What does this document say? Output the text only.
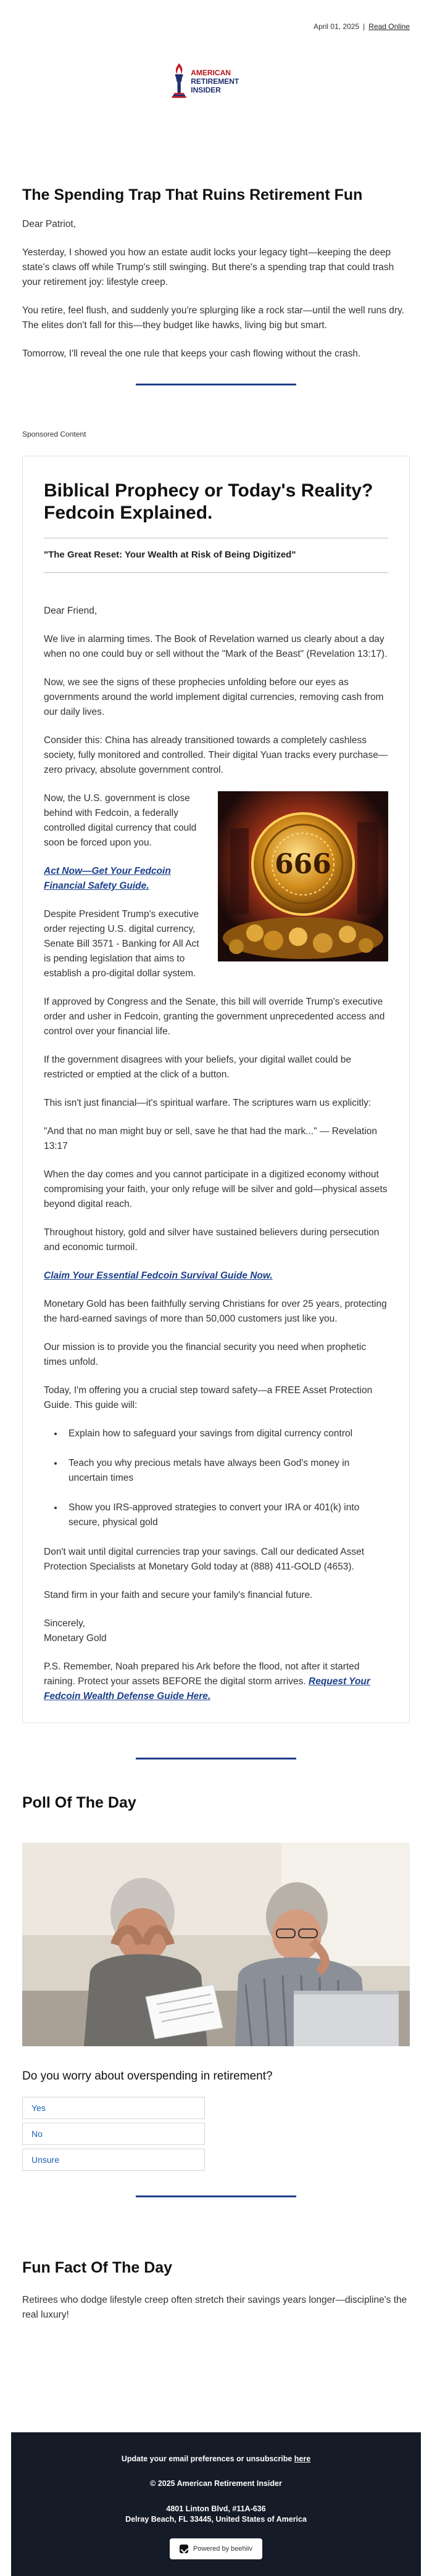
April 01, 2025 | Read Online
AMERICAN
RETIREMENT INSIDER
The Spending Trap That Ruins Retirement Fun

Dear Patriot,

Yesterday, I showed you how an estate audit locks your legacy tight—keeping the deep state's claws off while Trump's still swinging. But there's a spending trap that could trash your retirement joy: lifestyle creep.

You retire, feel flush, and suddenly you're splurging like a rock star—until the well runs dry. The elites don't fall for this—they budget like hawks, living big but smart.

Tomorrow, I'll reveal the one rule that keeps your cash flowing without the crash.

Sponsored Content
Biblical Prophecy or Today's Reality? Fedcoin Explained.
"The Great Reset: Your Wealth at Risk of Being Digitized"

Dear Friend,

We live in alarming times. The Book of Revelation warned us clearly about a day when no one could buy or sell without the "Mark of the Beast" (Revelation 13:17).

Now, we see the signs of these prophecies unfolding before our eyes as governments around the world implement digital currencies, removing cash from our daily lives.

Consider this: China has already transitioned towards a completely cashless society, fully monitored and controlled. Their digital Yuan tracks every purchase—zero privacy, absolute government control.

666

Now, the U.S. government is close behind with Fedcoin, a federally controlled digital currency that could soon be forced upon you.

Act Now—Get Your Fedcoin Financial Safety Guide.

Despite President Trump's executive order rejecting U.S. digital currency, Senate Bill 3571 - Banking for All Act is pending legislation that aims to establish a pro-digital dollar system.

If approved by Congress and the Senate, this bill will override Trump's executive order and usher in Fedcoin, granting the government unprecedented access and control over your financial life.

If the government disagrees with your beliefs, your digital wallet could be restricted or emptied at the click of a button.

This isn't just financial—it's spiritual warfare. The scriptures warn us explicitly:

"And that no man might buy or sell, save he that had the mark..." — Revelation 13:17

When the day comes and you cannot participate in a digitized economy without compromising your faith, your only refuge will be silver and gold—physical assets beyond digital reach.

Throughout history, gold and silver have sustained believers during persecution and economic turmoil.

Claim Your Essential Fedcoin Survival Guide Now.

Monetary Gold has been faithfully serving Christians for over 25 years, protecting the hard-earned savings of more than 50,000 customers just like you.

Our mission is to provide you the financial security you need when prophetic times unfold.

Today, I'm offering you a crucial step toward safety—a FREE Asset Protection Guide. This guide will:

• Explain how to safeguard your savings from digital currency control
• Teach you why precious metals have always been God's money in uncertain times
• Show you IRS-approved strategies to convert your IRA or 401(k) into secure, physical gold

Don't wait until digital currencies trap your savings. Call our dedicated Asset Protection Specialists at Monetary Gold today at (888) 411-GOLD (4653).

Stand firm in your faith and secure your family's financial future.

Sincerely,
Monetary Gold

P.S. Remember, Noah prepared his Ark before the flood, not after it started raining. Protect your assets BEFORE the digital storm arrives. Request Your Fedcoin Wealth Defense Guide Here.

Poll Of The Day
Do you worry about overspending in retirement?
Yes
No
Unsure
Fun Fact Of The Day

Retirees who dodge lifestyle creep often stretch their savings years longer—discipline's the real luxury!

Update your email preferences or unsubscribe here
© 2025 American Retirement Insider
4801 Linton Blvd, #11A-636
Delray Beach, FL 33445, United States of America
Powered by beehiiv
